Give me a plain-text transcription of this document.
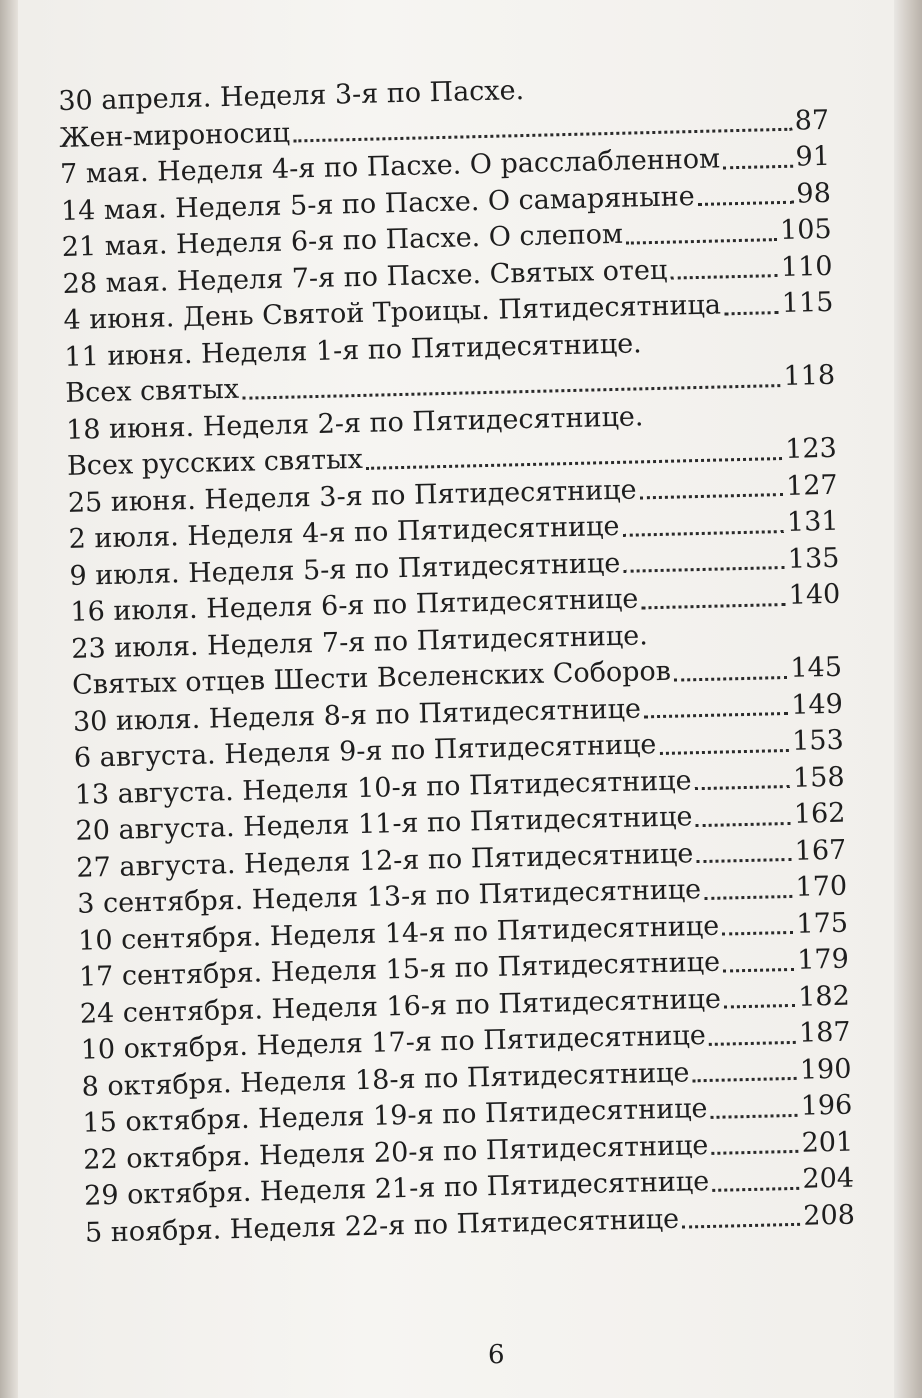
30 апреля. Неделя 3-я по Пасхе.
Жен-мироносиц	87
7 мая. Неделя 4-я по Пасхе. О расслабленном	91
14 мая. Неделя 5-я по Пасхе. О самаряныне	98
21 мая. Неделя 6-я по Пасхе. О слепом	105
28 мая. Неделя 7-я по Пасхе. Святых отец	110
4 июня. День Святой Троицы. Пятидесятница 115
11 июня. Неделя 1-я по Пятидесятнице.
Всех святых	118
18 июня. Неделя 2-я по Пятидесятнице.
Всех русских святых	123
25 июня. Неделя 3-я по Пятидесятнице	127
2 июля. Неделя 4-я по Пятидесятнице	131
9 июля. Неделя 5-я по Пятидесятнице	135
16 июля. Неделя 6-я по Пятидесятнице	140
23 июля. Неделя 7-я по Пятидесятнице.
Святых отцев Шести Вселенских Соборов	145
30 июля. Неделя 8-я по Пятидесятнице	149
6 августа. Неделя 9-я по Пятидесятнице	153
13 августа. Неделя 10-я по Пятидесятнице	158
20 августа. Неделя 11-я по Пятидесятнице	162
27 августа. Неделя 12-я по Пятидесятнице	167
3 сентября. Неделя 13-я по Пятидесятнице	170
10 сентября. Неделя 14-я по Пятидесятнице	175
17 сентября. Неделя 15-я по Пятидесятнице	179
24 сентября. Неделя 16-я по Пятидесятнице	182
10 октября. Неделя 17-я по Пятидесятнице	187
8 октября. Неделя 18-я по Пятидесятнице	190
15 октября. Неделя 19-я по Пятидесятнице	196
22 октября. Неделя 20-я по Пятидесятнице	201
29 октября. Неделя 21-я по Пятидесятнице	204
5 ноября. Неделя 22-я по Пятидесятнице	208
6
